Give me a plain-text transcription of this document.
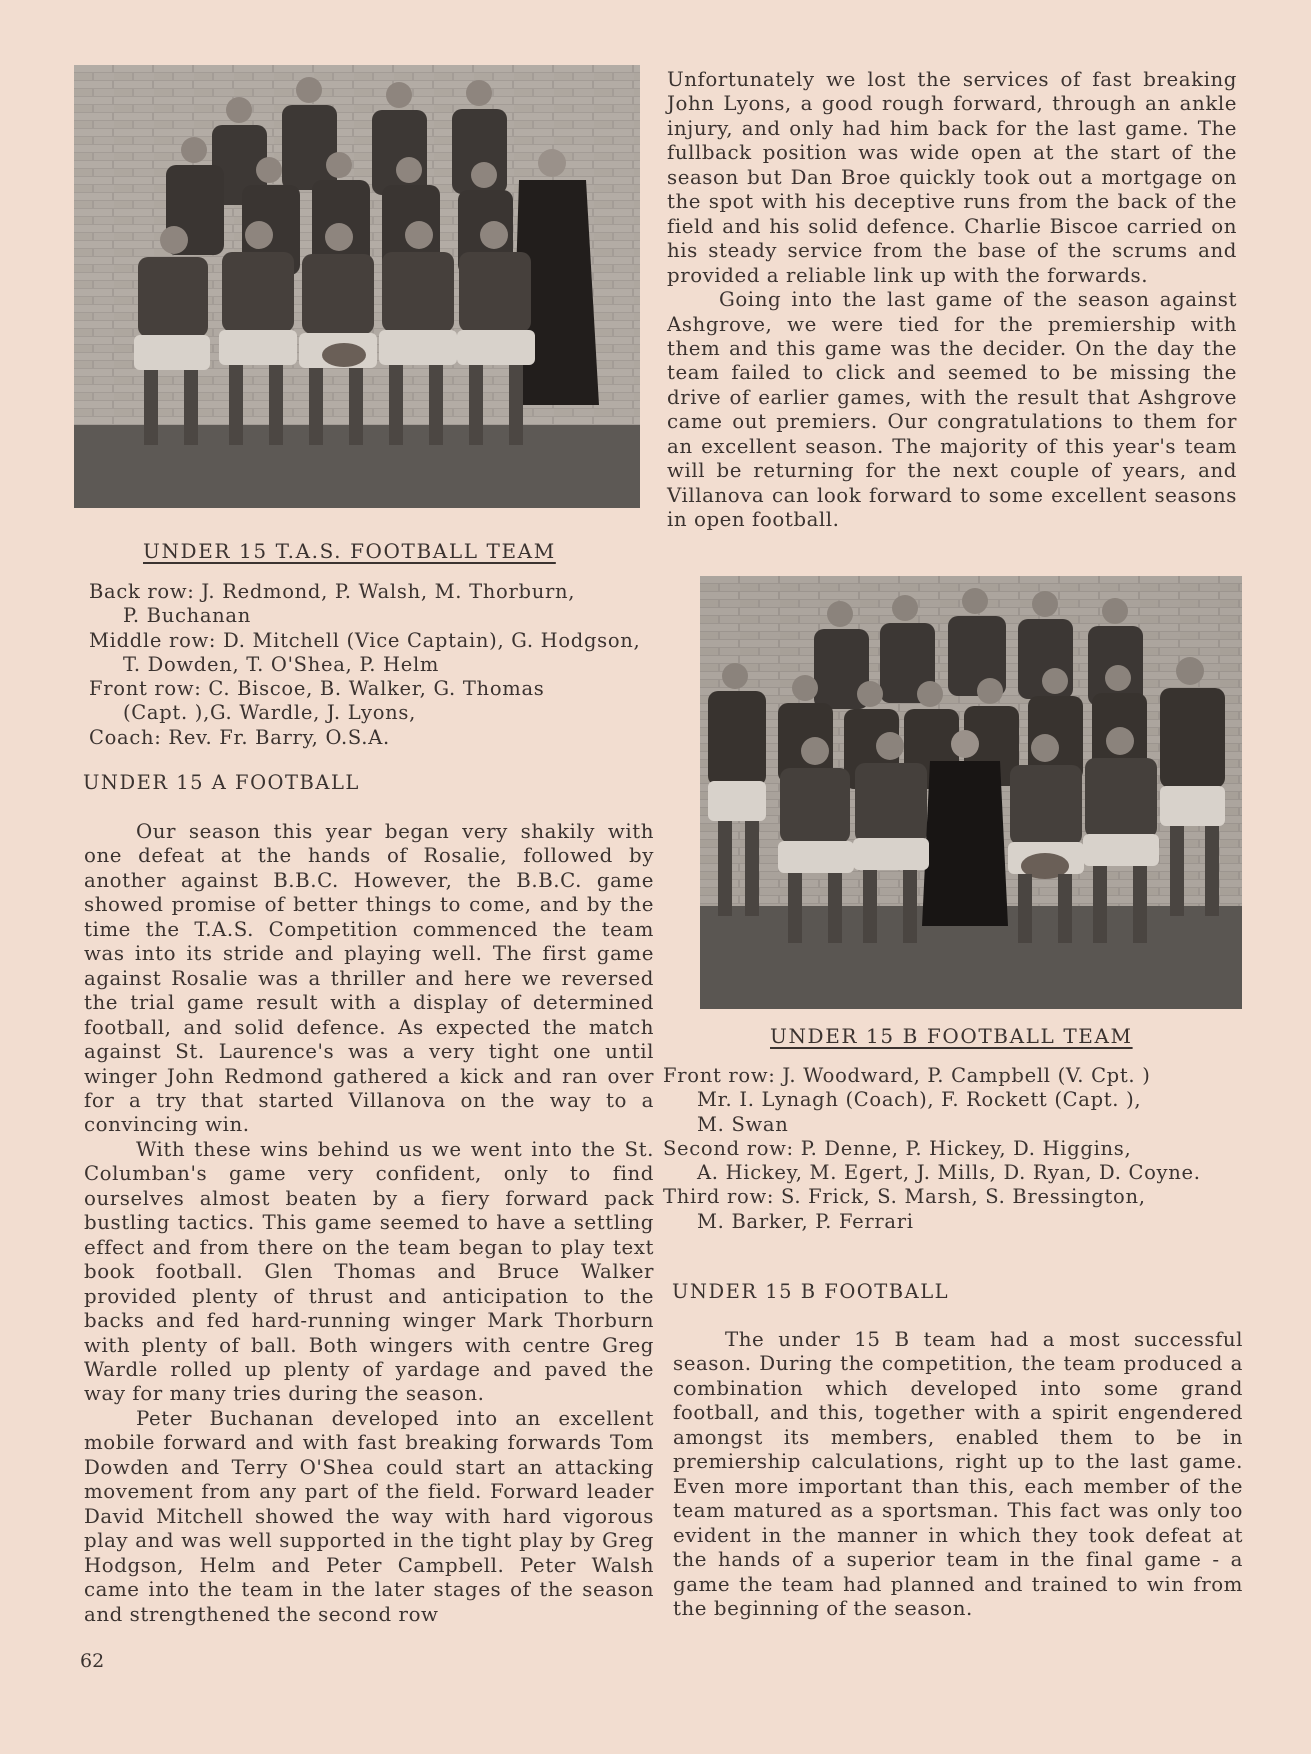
UNDER 15 T.A.S. FOOTBALL TEAM
Back row: J. Redmond, P. Walsh, M. Thorburn,
P. Buchanan
Middle row: D. Mitchell (Vice Captain), G. Hodgson,
T. Dowden, T. O'Shea, P. Helm
Front row: C. Biscoe, B. Walker, G. Thomas
(Capt. ),G. Wardle, J. Lyons,
Coach: Rev. Fr. Barry, O.S.A.
UNDER 15 A FOOTBALL

Our season this year began very shakily with one defeat at the hands of Rosalie, followed by another against B.B.C. However, the B.B.C. game showed promise of better things to come, and by the time the T.A.S. Competition commenced the team was into its stride and playing well. The first game against Rosalie was a thriller and here we reversed the trial game result with a display of determined football, and solid defence. As expected the match against St. Laurence's was a very tight one until winger John Redmond gathered a kick and ran over for a try that started Villanova on the way to a convincing win.

With these wins behind us we went into the St. Columban's game very confident, only to find ourselves almost beaten by a fiery forward pack bustling tactics. This game seemed to have a settling effect and from there on the team began to play text book football. Glen Thomas and Bruce Walker provided plenty of thrust and anticipation to the backs and fed hard-running winger Mark Thorburn with plenty of ball. Both wingers with centre Greg Wardle rolled up plenty of yardage and paved the way for many tries during the season.

Peter Buchanan developed into an excellent mobile forward and with fast breaking forwards Tom Dowden and Terry O'Shea could start an attacking movement from any part of the field. Forward leader David Mitchell showed the way with hard vigorous play and was well supported in the tight play by Greg Hodgson, Helm and Peter Campbell. Peter Walsh came into the team in the later stages of the season and strengthened the second row

Unfortunately we lost the services of fast breaking John Lyons, a good rough forward, through an ankle injury, and only had him back for the last game. The fullback position was wide open at the start of the season but Dan Broe quickly took out a mortgage on the spot with his deceptive runs from the back of the field and his solid defence. Charlie Biscoe carried on his steady service from the base of the scrums and provided a reliable link up with the forwards.

Going into the last game of the season against Ashgrove, we were tied for the premiership with them and this game was the decider. On the day the team failed to click and seemed to be missing the drive of earlier games, with the result that Ashgrove came out premiers. Our congratulations to them for an excellent season. The majority of this year's team will be returning for the next couple of years, and Villanova can look forward to some excellent seasons in open football.

UNDER 15 B FOOTBALL TEAM
Front row: J. Woodward, P. Campbell (V. Cpt. )
Mr. I. Lynagh (Coach), F. Rockett (Capt. ),
M. Swan
Second row: P. Denne, P. Hickey, D. Higgins,
A. Hickey, M. Egert, J. Mills, D. Ryan, D. Coyne.
Third row: S. Frick, S. Marsh, S. Bressington,
M. Barker, P. Ferrari
UNDER 15 B FOOTBALL

The under 15 B team had a most successful season. During the competition, the team produced a combination which developed into some grand football, and this, together with a spirit engendered amongst its members, enabled them to be in premiership calculations, right up to the last game. Even more important than this, each member of the team matured as a sportsman. This fact was only too evident in the manner in which they took defeat at the hands of a superior team in the final game - a game the team had planned and trained to win from the beginning of the season.

62
